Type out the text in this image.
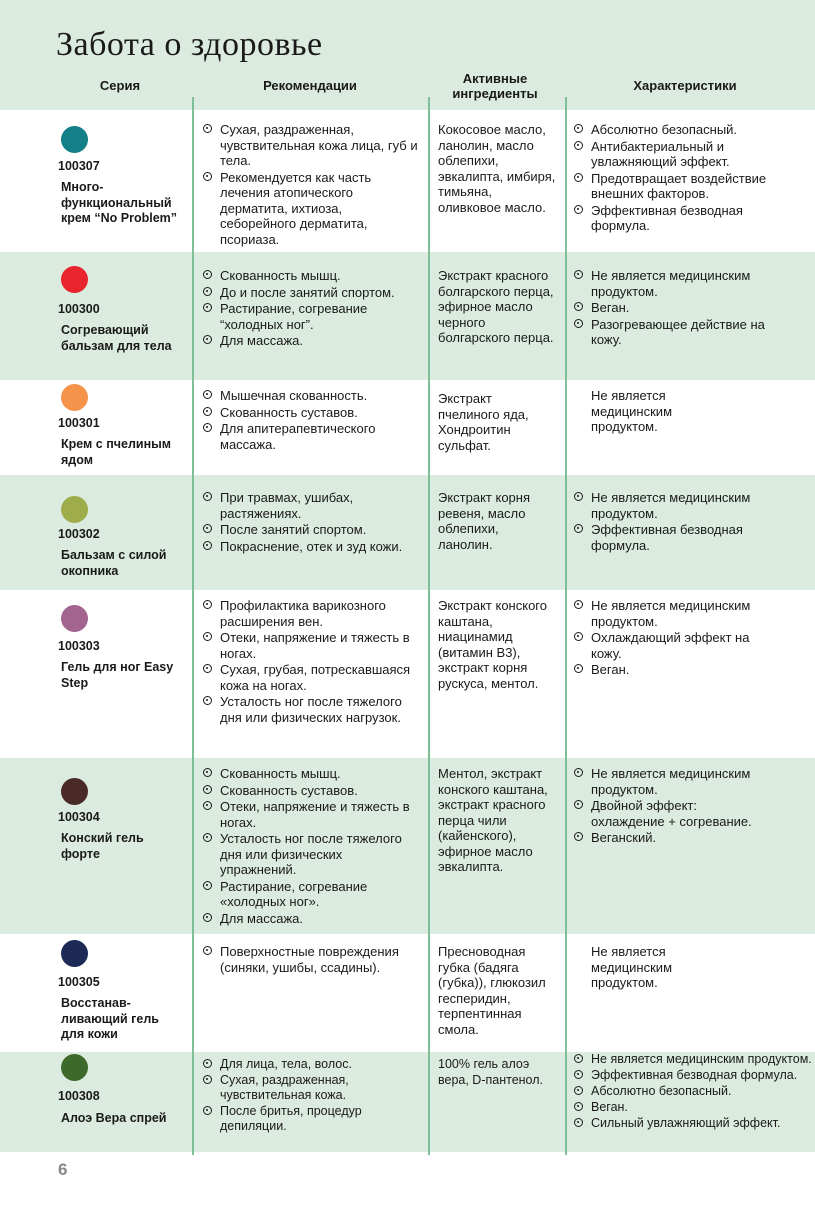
Забота о здоровье
Серия	Рекомендации	Активные ингредиенты
Характеристики
6
100307
Много-функциональный крем “No Problem”
Сухая, раздраженная, чувствительная кожа лица, губ и тела.
Рекомендуется как часть лечения атопического дерматита, ихтиоза, себорейного дерматита, псориаза.
Кокосовое масло, ланолин, масло облепихи, эвкалипта, имбиря, тимьяна, оливковое масло.
Абсолютно безопасный.
Антибактериальный и увлажняющий эффект.
Предотвращает воздействие внешних факторов.
Эффективная безводная формула.
100300
Согревающий бальзам для тела
Скованность мышц.
До и после занятий спортом.
Растирание, согревание “холодных ног”.
Для массажа.
Экстракт красного болгарского перца, эфирное масло черного болгарского перца.
Не является медицинским продуктом.
Веган.
Разогревающее действие на кожу.
100301
Крем с пчелиным ядом
Мышечная скованность.
Скованность суставов.
Для апитерапевтического массажа.
Экстракт пчелиного яда, Хондроитин сульфат.
Не является медицинским продуктом.
100302
Бальзам с силой окопника
При травмах, ушибах, растяжениях.
После занятий спортом.
Покраснение, отек и зуд кожи.
Экстракт корня ревеня, масло облепихи, ланолин.
Не является медицинским продуктом.
Эффективная безводная формула.
100303
Гель для ног Easy Step
Профилактика варикозного расширения вен.
Отеки, напряжение и тяжесть в ногах.
Сухая, грубая, потрескавшаяся кожа на ногах.
Усталость ног после тяжелого дня или физических нагрузок.
Экстракт конского каштана, ниацинамид (витамин B3), экстракт корня рускуса, ментол.
Не является медицинским продуктом.
Охлаждающий эффект на кожу.
Веган.
100304
Конский гель форте
Скованность мышц.
Скованность суставов.
Отеки, напряжение и тяжесть в ногах.
Усталость ног после тяжелого дня или физических упражнений.
Растирание, согревание «холодных ног».
Для массажа.
Ментол, экстракт конского каштана, экстракт красного перца чили (кайенского), эфирное масло эвкалипта.
Не является медицинским продуктом.
Двойной эффект: охлаждение + согревание.
Веганский.
100305
Восстанав-ливающий гель для кожи
Поверхностные повреждения (синяки, ушибы, ссадины).
Пресноводная губка (бадяга (губка)), глюкозил гесперидин, терпентинная смола.
Не является медицинским продуктом.
100308
Алоэ Вера спрей
Для лица, тела, волос.
Сухая, раздраженная, чувствительная кожа.
После бритья, процедур депиляции.
100% гель алоэ вера, D-пантенол.
Не является медицинским продуктом.
Эффективная безводная формула.
Абсолютно безопасный.
Веган.
Сильный увлажняющий эффект.
